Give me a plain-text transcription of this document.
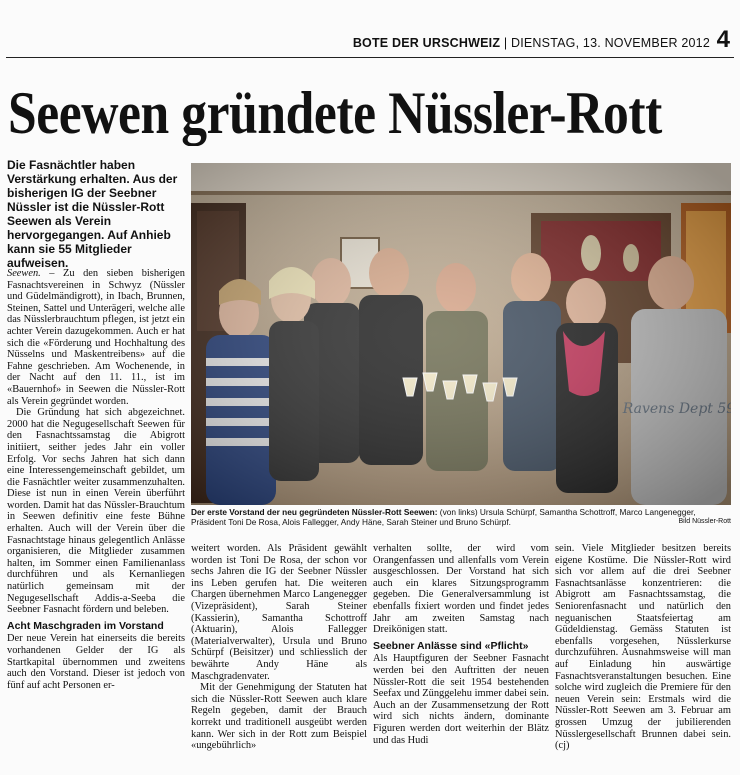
BOTE DER URSCHWEIZ | DIENSTAG, 13. NOVEMBER 2012 4
Seewen gründete Nüssler-Rott
Die Fasnächtler haben Verstärkung erhalten. Aus der bisherigen IG der Seebner Nüssler ist die Nüssler-Rott Seewen als Verein hervorgegangen. Auf Anhieb kann sie 55 Mitglieder aufweisen.

Seewen. – Zu den sieben bisherigen Fasnachtsvereinen in Schwyz (Nüssler und Güdelmändigrott), in Ibach, Brunnen, Steinen, Sattel und Unterägeri, welche alle das Nüsslerbrauchtum pflegen, ist jetzt ein achter Verein dazugekommen. Auch er hat sich die «Förderung und Hochhaltung des Nüsselns und Maskentreibens» auf die Fahne geschrieben. Am Wochenende, in der Nacht auf den 11. 11., ist im «Bauernhof» in Seewen die Nüssler-Rott als Verein gegründet worden.

Die Gründung hat sich abgezeichnet. 2000 hat die Negugesellschaft Seewen für den Fasnachtssamstag die Abigrott initiiert, seither jedes Jahr ein voller Erfolg. Vor sechs Jahren hat sich dann eine Interessengemeinschaft gebildet, um die Fasnächtler weiter zusammenzuhalten. Diese ist nun in einen Verein überführt worden. Damit hat das Nüssler-Brauchtum in Seewen definitiv eine feste Bühne erhalten. Auch will der Verein über die Fasnachtstage hinaus gelegentlich Anlässe organisieren, die Mitglieder zusammen halten, im Sommer einen Familienanlass durchführen und als Kernanliegen natürlich gemeinsam mit der Negugesellschaft Addis-a-Seeba die Seebner Fasnacht fördern und beleben.

Acht Maschgraden im Vorstand

Der neue Verein hat einerseits die bereits vorhandenen Gelder der IG als Startkapital übernommen und zweitens auch den Vorstand. Dieser ist jedoch von fünf auf acht Personen er-

Der erste Vorstand der neu gegründeten Nüssler-Rott Seewen: (von links) Ursula Schürpf, Samantha Schottroff, Marco Langenegger, Präsident Toni De Rosa, Alois Fallegger, Andy Häne, Sarah Steiner und Bruno Schürpf.	Bild Nüssler-Rott

weitert worden. Als Präsident gewählt worden ist Toni De Rosa, der schon vor sechs Jahren die IG der Seebner Nüssler ins Leben gerufen hat. Die weiteren Chargen übernehmen Marco Langenegger (Vizepräsident), Sarah Steiner (Kassierin), Samantha Schottroff (Aktuarin), Alois Fallegger (Materialverwalter), Ursula und Bruno Schürpf (Beisitzer) und schliesslich der bewährte Andy Häne als Maschgradenvater.

Mit der Genehmigung der Statuten hat sich die Nüssler-Rott Seewen auch klare Regeln gegeben, damit der Brauch korrekt und traditionell ausgeübt werden kann. Wer sich in der Rott zum Beispiel «ungebührlich»

verhalten sollte, der wird vom Orangenfassen und allenfalls vom Verein ausgeschlossen. Der Vorstand hat sich auch ein klares Sitzungsprogramm gegeben. Die Generalversammlung ist ebenfalls fixiert worden und findet jedes Jahr am zweiten Samstag nach Dreikönigen statt.

Seebner Anlässe sind «Pflicht»

Als Hauptfiguren der Seebner Fasnacht werden bei den Auftritten der neuen Nüssler-Rott die seit 1954 bestehenden Seefax und Zünggelehu immer dabei sein. Auch an der Zusammensetzung der Rott wird sich nichts ändern, dominante Figuren werden dort weiterhin der Blätz und das Hudi

sein. Viele Mitglieder besitzen bereits eigene Kostüme. Die Nüssler-Rott wird sich vor allem auf die drei Seebner Fasnachtsanlässe konzentrieren: die Abigrott am Fasnachtssamstag, die Seniorenfasnacht und natürlich den neguanischen Staatsfeiertag am Güdeldienstag. Gemäss Statuten ist ebenfalls vorgesehen, Nüsslerkurse durchzuführen. Ausnahmsweise will man auf Einladung hin auswärtige Fasnachtsveranstaltungen besuchen. Eine solche wird zugleich die Premiere für den neuen Verein sein: Erstmals wird die Nüssler-Rott Seewen am 3. Februar am grossen Umzug der jubilierenden Nüsslergesellschaft Brunnen dabei sein. (cj)
